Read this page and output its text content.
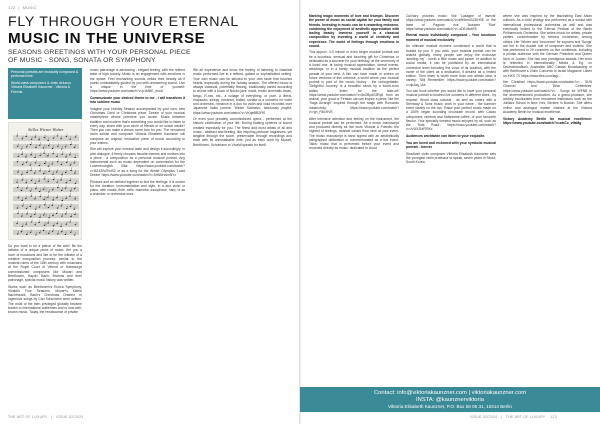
122  |  MUSIC
FLY THROUGH YOUR ETERNAL
MUSIC IN THE UNIVERSE
SEASONS GREETINGS WITH YOUR PERSONAL PIECE
OF MUSIC - SONG, SONATA OR SYMPHONY

Personal portraits are musically composed & performed live:

World-class composers & violin virtuoso Viktoria Elisabeth Kaunzner - Viktoria & Friends

Stilles Wiener Walzer

Do you want to be a patron of the arts? Be the initiator of a unique piece of music. Are you a lover of musicians and like to be the initiator of a creative composition process, similar to the musical rulers of the 18th century with musicians at the Royal Court of Vienna or Habsburgs commissioned composers like Mozart and Beethoven, Haydn, Bach, Brahms and their patronage, special music history was written.

Works such as Beethoven's Eroica Symphony, Vivaldi's Four Seasons, Mozart's Kleine Nachtmusik, Bach's Christmas Oratorio or ingenious songs by Carl Schumann were written. The most of the then privileged globally became known to international audiences and is now well-known music. Today, the renaissance of private

music patronage is advancing - elegant feeling, with the refined taste of high society. Music is an engagement with emotions in the space. Feel enchanting sounds unfold their beauty as if poetic unmistakably guided by you with unwavering sound. Live a unique in the time of yourself: https://www.youtube.com/watch?v=p1bNtE_eouU

Communicate your desired theme to me - I will transform it into sublime music

Imagine your Holiday Season accompanied by your own, new Christmas Carol or Christmas piece. Dream of your musical masterpiece whose premiere you curate. Music between tradition and modern that's something you would like to listen to every day, share with your circle of friends or on social media? Then you can make a dream come true for you. The renowned violin soloist and composer Viktoria Elisabeth Kaunzner will compose an original, innovative piece of music according to your wishes.

She will explore your musical taste and design it accordingly. In joint dialogue, it freely chooses favorite themes and motives into a piece - a composition as a personal musical portrait. Any instrumental such as music dependent on commission for the Luxembourgish Villa: https://www.youtube.com/watch?v=MZ4ZBdTwiS0 or as a song for the Winter Olympics 'Lucid Dream' https://www.youtube.com/watch?v=5nNNrvdmNYc

Phrases and an defined together to find the feelings: it is woven for the duration, instrumentation and style, in a duo violin or piano, with vocals, flute, cello, marimba, saxophone, harp, or as a chamber or orchestral work.

We all experience and know the feeling of listening to classical music performed live in a refined, gallant or sophisticated setting. Your own music can be tailored to your own taste that touches hearts, especially during the holiday season. The offered music is always classical, potentially flowing, traditionally varied according to choice with a touch of Nordic jazz, world, exotic cinematic Asian, tango, R-mix, etc., a collage of everything, or pure. A literal, rhapsodic, sleepy, romance, ballad, sonata or a concerto for violin and orchestra, romance in a duo for violin and viola recorded over Japanese haiku poems: 'Winter Sadness', fabulously playful: https://www.youtube.com/watch?v=VKqe6fB2Ff0

Or even your privately commissioned opera - performed at the historic celebration of your life. During floating spheres of sound created especially for you. The finest and most artists of all arts music - abstract and fleeting, like inspiring perfume fragrances, yet tangible through the score, preservable through recordings and each with its unmistakable note, just as each work by Mozart, Beethoven, Schumann or Vivaldi speaks for itself.

THE ART OF LUXURY   |   ISSUE 02/2024

Marking magic moments of love and triumph. Discover the power of music as social capital for your family and friends. Investing in music can be a rewarding endeavor, combining the enjoyment of aesthetic appreciation with lasting beauty. Immerse yourself in a classical composition by investing a world of creativity and experience. The world of feelings through emotions in sound.

This approx. 3-5 minute or even longer musical portrait can be a luxurious, sensual and touching gift for Christmas or dedicated as a souvenir for your birthday, at the ceremony of a loved one, at loving musical appreciation, formal events, weddings, or in a family musical tradition as the perfect parade of your best. A film can have made or screen on future ventures of this universe, a world where your musical portrait is part of the music history - the unforgettable. 'Delightful Journey' is a beautiful music by a fourth-born artists - listen for the take-off: https://www.youtube.com/watch?v=6nZBydO3Ry8 from an animal, your good or Persian cat can inspire a piece, like the 'Saga Arrangé' inspired through the stage with Romantic melancholy: https://www.youtube.com/watch?v=rgn_F8hXfVE

After intensive attention and feeling on the instrument, the musical portrait can be performed. As a music manuscript and produced directly as live work Viktoria & Friends: the highest of feelings, musical values from rank at your event. The music manuscript is hand signed with an aesthetically calligraphed dedication or commemorated as a live event. Talks: music that is performed before your event and recorded directly as music: dedicated to cloud

Culinary process music: like 'Lasagne of Insects' https://www.youtube.com/watch?v=aW9nmG23IHSE or the taste of Pagnan rice 'Ausseer Rice' https://www.youtube.com/watch?v=-xDEuIwkF8

Eternal music individually composed - Your luxurious moment of musical exclusivity

An ultimate musical moment condensed a world that is trusted by you. If you wish, your musical portrait can be shared globally, many people can enjoy the exclusive 'sending my' - worth a little music and peace. In addition to social media, it can be published by an international orchestral team including the voice of its creation, with the name of the client as a dedication, if desired as a limited edition. Then when is worth more than one artistic idea: a variety: 'Still Remember' https://www.youtube.com/watch?v=qbJaq_iAa

You can book whether you would like to have your personal musical portrait to kindred live concerts in different cities - by request. World class soloists - as well as orders with a Steinway & Sons music: work in your name - the summer event clearly on the top: 'Raise your perfect music made on a 100% vegan sounding chocolate record. with Cacao composers, rainbow and Safarinese coffee, or your favourite flavour. Your specially created music enjoyed by all, such as the 'Side Road': https://www.youtube.com/watch?v=uVUXZIdFIRKc

Audiences worldwide can listen to your exquisite.

You are loved and reckoned with your symbolic musical portrait - forever

Stradivari violin composer Viktoria Elisabeth Kaunzner sets the youngest violin professor to speak, seven years in Seoul, South Korea,

where she was inspired by the fascinating East Asian cultures. As a child prodigy she performed as a soloist with international professional orchestras as well and was eventually invited to the Eternal Festival of the Berlin Philharmonic Orchestra. She writes music for artists, private parties, concertmaster by famous orchestras, among others. Her 'Winter' and 'Innocence' for soprano and 'Songs' are her in the double role of composer and violinist. She has performed in 29 countries on five continents, including a private audience with the German President and Queen Noor of Jordan. She has won prestigious awards. Her work is reflected in internationally Media & Eg. on Deutschlandfunk, Australian ABC Classic Broadcasting or with Beethoven's Violin Concerto in Israel Magazine Listen on KiKS TV https://www.tfes.com/tag/...

Her 'Christian' https://www.youtube.com/watch?v=... SUN Channel and 'Dear Celebrities' https://www.youtube.com/watch?v=... Songs for WFNB in the aforementioned production. As a grand-producer, she acutely inculturates from renowned institutions such as the Juilliard School in New York, Berklee in Boston. She offers online and analogue master classes at the Victoria Academy Berlin for musical excellence.

Victory Academy Berlin for musical excellence: https://www.youtube.com/watch?v=wbCc_vflaMg

Contact: info@viktoriakaunzner.com | viktoriakaunzner.com
INSTA: @kaunznerviktoria
Viktoria Elisabeth Kaunzner, P.O. Box 58 05 31, 10414 Berlin
ISSUE 02/2024   |   THE ART OF LUXURY 123
